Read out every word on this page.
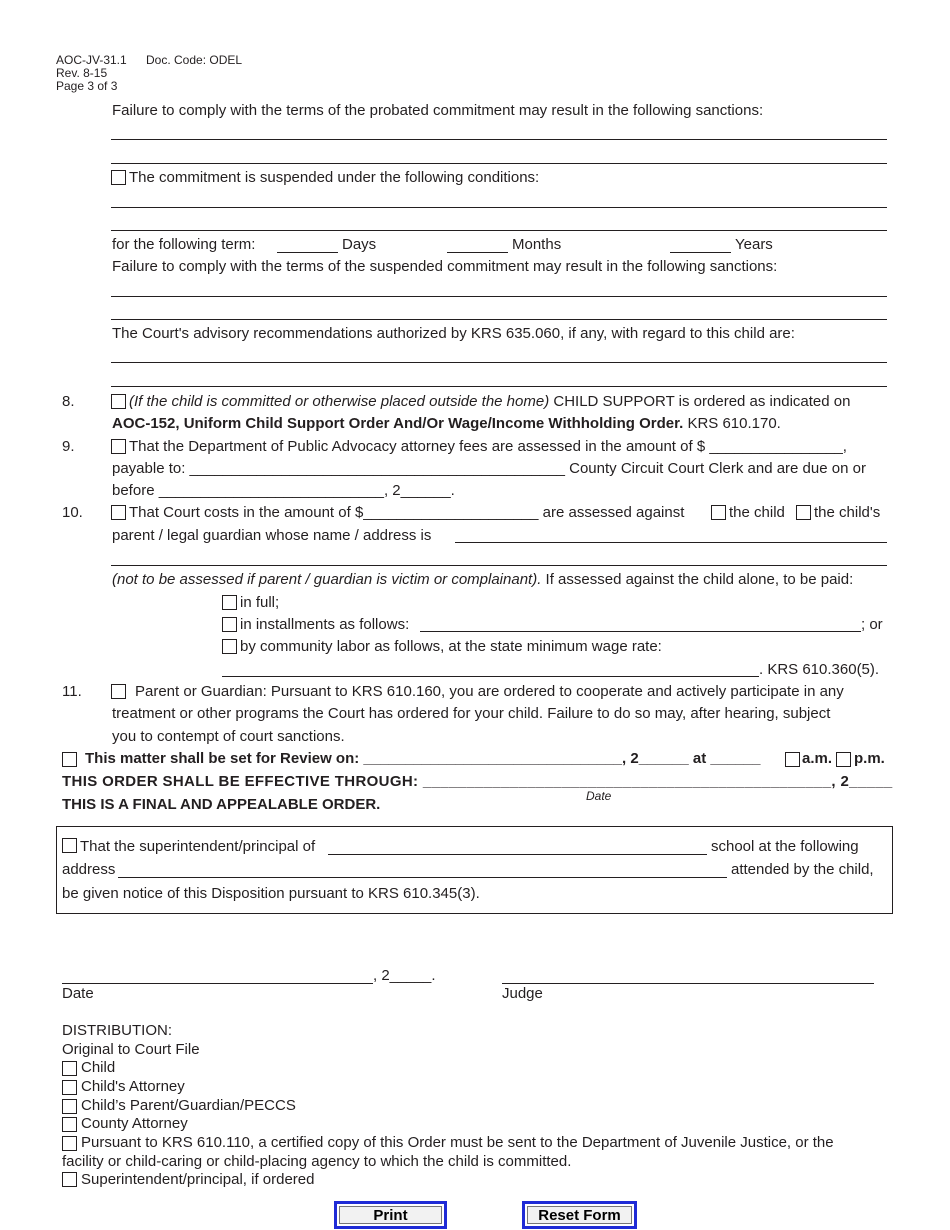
AOC-JV-31.1 Doc. Code: ODEL
Rev. 8-15
Page 3 of 3
Failure to comply with the terms of the probated commitment may result in the following sanctions:
The commitment is suspended under the following conditions:
for the following term:	Days	Months	Years
Failure to comply with the terms of the suspended commitment may result in the following sanctions:
The Court's advisory recommendations authorized by KRS 635.060, if any, with regard to this child are:
8.	(If the child is committed or otherwise placed outside the home) CHILD SUPPORT is ordered as indicated on
AOC-152, Uniform Child Support Order And/Or Wage/Income Withholding Order. KRS 610.170.
9.	That the Department of Public Advocacy attorney fees are assessed in the amount of $ ________________,
payable to: _____________________________________________ County Circuit Court Clerk and are due on or
before ___________________________, 2______.
10.	That Court costs in the amount of $_____________________ are assessed against	the child the child's
parent / legal guardian whose name / address is
(not to be assessed if parent / guardian is victim or complainant). If assessed against the child alone, to be paid:
in full;
in installments as follows:	; or
by community labor as follows, at the state minimum wage rate:
. KRS 610.360(5).
11.	Parent or Guardian: Pursuant to KRS 610.160, you are ordered to cooperate and actively participate in any
treatment or other programs the Court has ordered for your child. Failure to do so may, after hearing, subject
you to contempt of court sanctions.
This matter shall be set for Review on: _______________________________, 2______ at ______	a.m. p.m.
THIS ORDER SHALL BE EFFECTIVE THROUGH: _______________________________________________, 2_____
Date
THIS IS A FINAL AND APPEALABLE ORDER.
That the superintendent/principal of	school at the following
address	attended by the child,
be given notice of this Disposition pursuant to KRS 610.345(3).
, 2_____.
Date	Judge
DISTRIBUTION:
Original to Court File
Child
Child's Attorney
Child’s Parent/Guardian/PECCS
County Attorney
Pursuant to KRS 610.110, a certified copy of this Order must be sent to the Department of Juvenile Justice, or the
facility or child-caring or child-placing agency to which the child is committed.
Superintendent/principal, if ordered
Print	Reset Form
